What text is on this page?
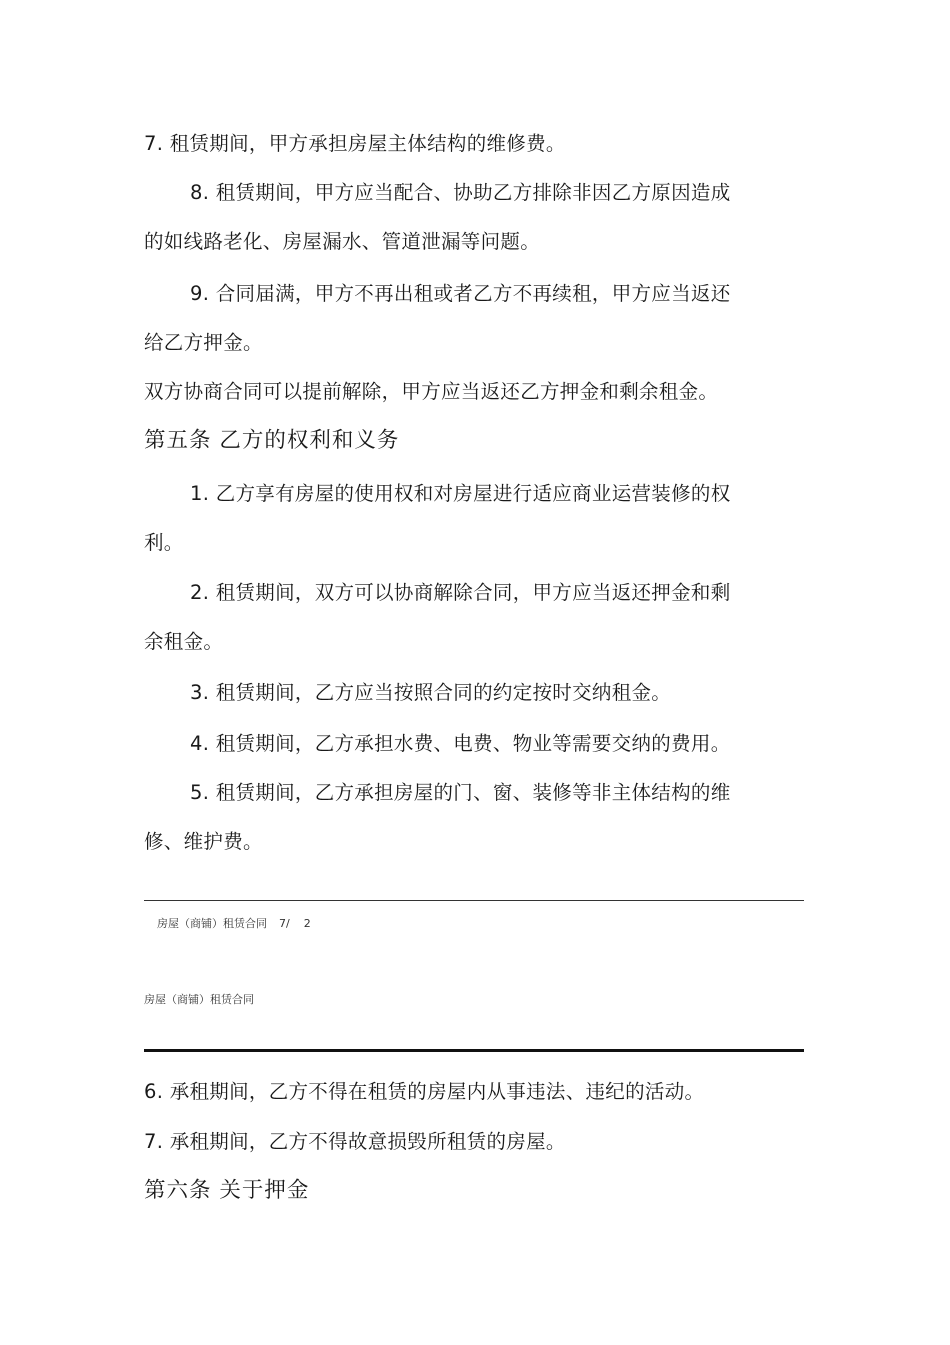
7. 租赁期间，甲方承担房屋主体结构的维修费。
8. 租赁期间，甲方应当配合、协助乙方排除非因乙方原因造成
的如线路老化、房屋漏水、管道泄漏等问题。
9. 合同届满，甲方不再出租或者乙方不再续租，甲方应当返还
给乙方押金。
双方协商合同可以提前解除，甲方应当返还乙方押金和剩余租金。
第五条 乙方的权利和义务
1. 乙方享有房屋的使用权和对房屋进行适应商业运营装修的权
利。
2. 租赁期间，双方可以协商解除合同，甲方应当返还押金和剩
余租金。
3. 租赁期间，乙方应当按照合同的约定按时交纳租金。
4. 租赁期间，乙方承担水费、电费、物业等需要交纳的费用。
5. 租赁期间，乙方承担房屋的门、窗、装修等非主体结构的维
修、维护费。
房屋（商铺）租赁合同 7/ 2
房屋（商铺）租赁合同
6. 承租期间，乙方不得在租赁的房屋内从事违法、违纪的活动。
7. 承租期间，乙方不得故意损毁所租赁的房屋。
第六条 关于押金
